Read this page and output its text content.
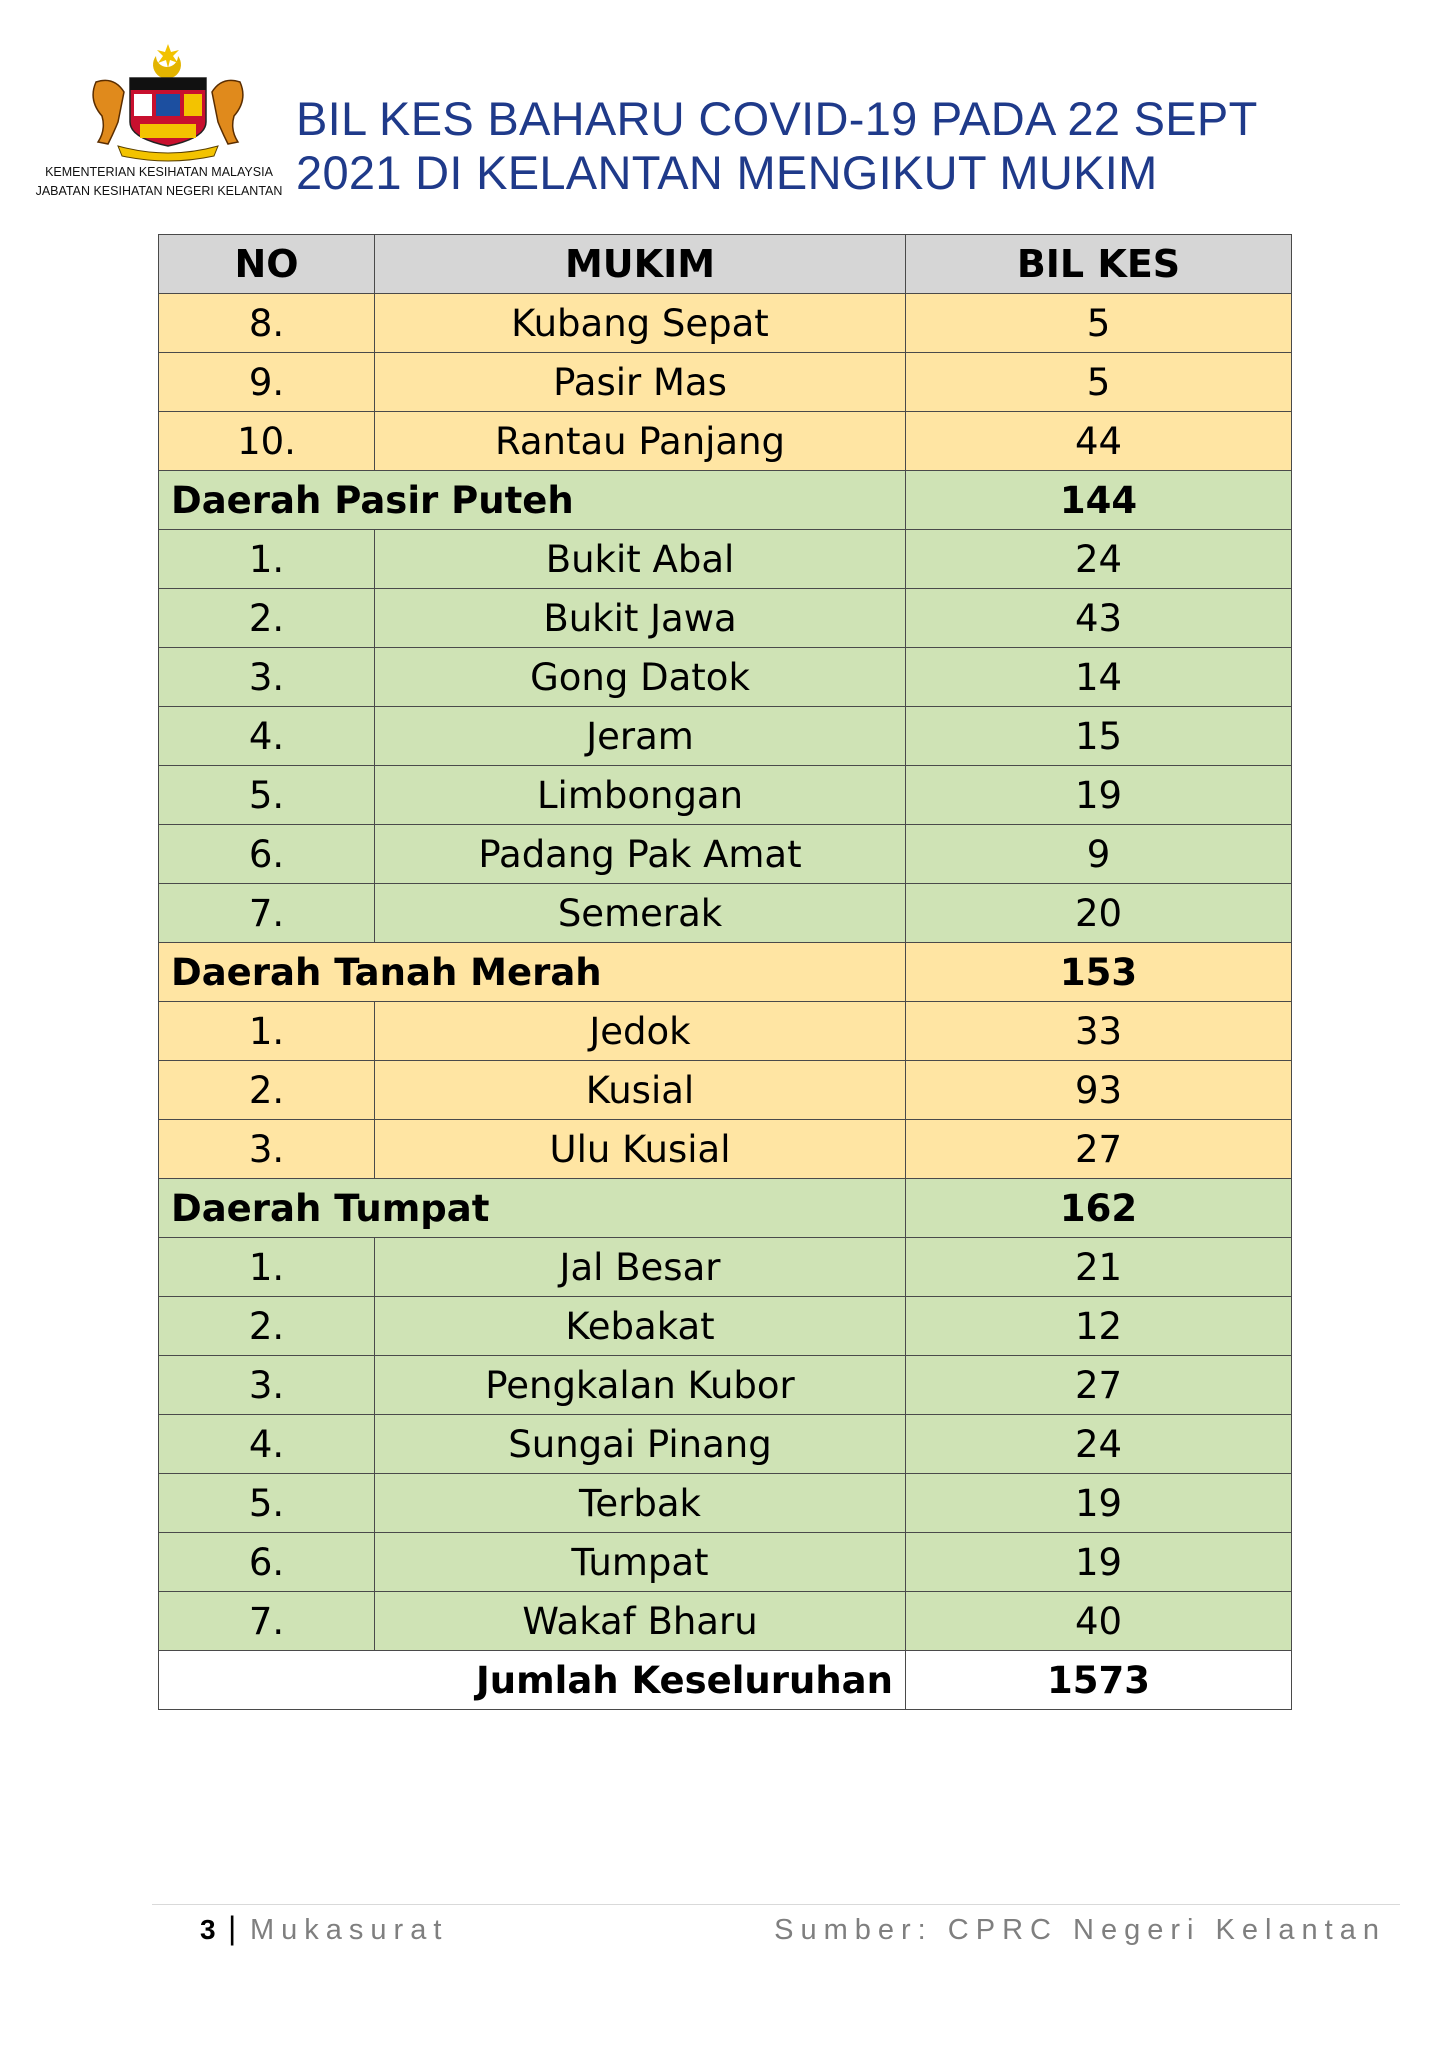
KEMENTERIAN KESIHATAN MALAYSIA
JABATAN KESIHATAN NEGERI KELANTAN
BIL KES BAHARU COVID-19 PADA 22 SEPT
2021 DI KELANTAN MENGIKUT MUKIM
NO	MUKIM	BIL KES
8.	Kubang Sepat	5
9.	Pasir Mas	5
10.	Rantau Panjang	44
Daerah Pasir Puteh		144
1.	Bukit Abal	24
2.	Bukit Jawa	43
3.	Gong Datok	14
4.	Jeram	15
5.	Limbongan	19
6.	Padang Pak Amat	9
7.	Semerak	20
Daerah Tanah Merah		153
1.	Jedok	33
2.	Kusial	93
3.	Ulu Kusial	27
Daerah Tumpat		162
1.	Jal Besar	21
2.	Kebakat	12
3.	Pengkalan Kubor	27
4.	Sungai Pinang	24
5.	Terbak	19
6.	Tumpat	19
7.	Wakaf Bharu	40
Jumlah Keseluruhan		1573
3 | Mukasurat	Sumber: CPRC Negeri Kelantan
